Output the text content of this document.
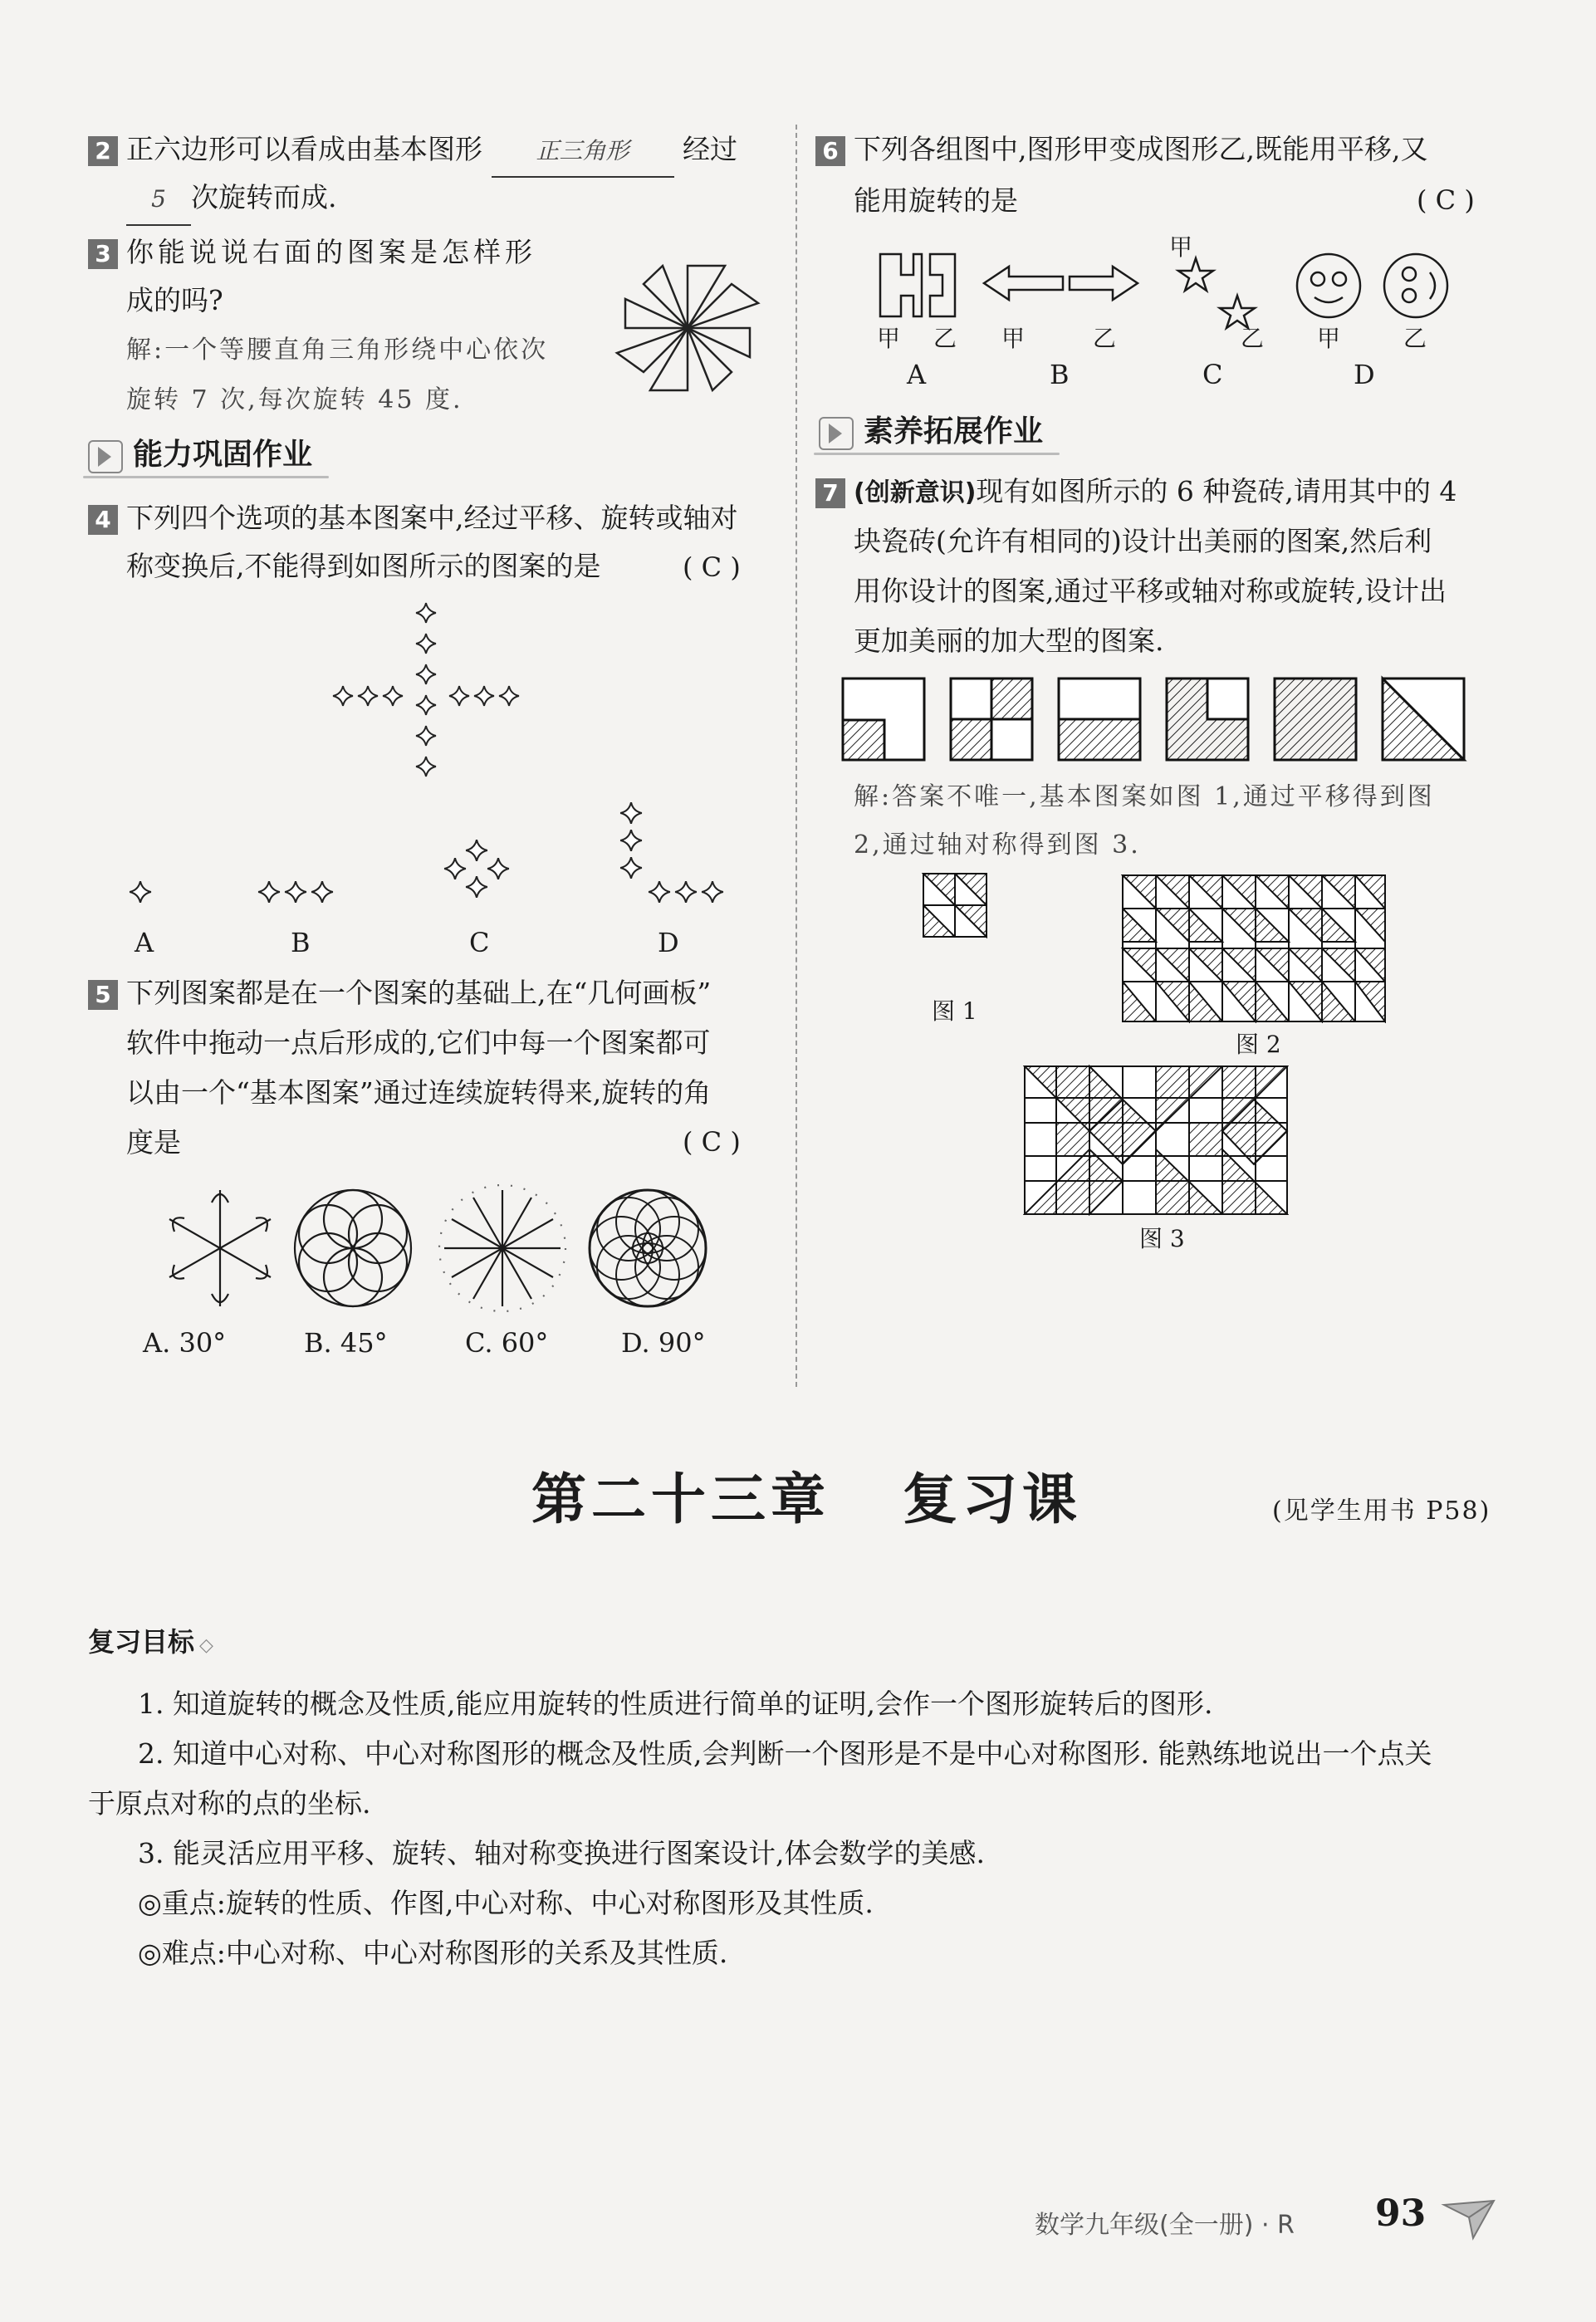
2 正六边形可以看成由基本图形 正三角形 经过
5 次旋转而成.
3 你能说说右面的图案是怎样形
成的吗?
解:一个等腰直角三角形绕中心依次
旋转 7 次,每次旋转 45 度.
能力巩固作业
4 下列四个选项的基本图案中,经过平移、旋转或轴对
称变换后,不能得到如图所示的图案的是	( C )
A	B	C	D
5 下列图案都是在一个图案的基础上,在“几何画板”
软件中拖动一点后形成的,它们中每一个图案都可
以由一个“基本图案”通过连续旋转得来,旋转的角
度是	( C )
A. 30°	B. 45°	C. 60°	D. 90°
6 下列各组图中,图形甲变成图形乙,既能用平移,又
能用旋转的是	( C )
甲
甲 乙 甲	乙	乙 甲	乙
A	B	C	D
素养拓展作业
7 (创新意识)现有如图所示的 6 种瓷砖,请用其中的 4
块瓷砖(允许有相同的)设计出美丽的图案,然后利
用你设计的图案,通过平移或轴对称或旋转,设计出
更加美丽的加大型的图案.
解:答案不唯一,基本图案如图 1,通过平移得到图
2,通过轴对称得到图 3.
图 1
图 2
图 3
第二十三章   复习课	(见学生用书 P58)
复习目标 ◇
1. 知道旋转的概念及性质,能应用旋转的性质进行简单的证明,会作一个图形旋转后的图形.
2. 知道中心对称、中心对称图形的概念及性质,会判断一个图形是不是中心对称图形. 能熟练地说出一个点关
于原点对称的点的坐标.
3. 能灵活应用平移、旋转、轴对称变换进行图案设计,体会数学的美感.
◎重点:旋转的性质、作图,中心对称、中心对称图形及其性质.
◎难点:中心对称、中心对称图形的关系及其性质.
数学九年级(全一册) · R 93
